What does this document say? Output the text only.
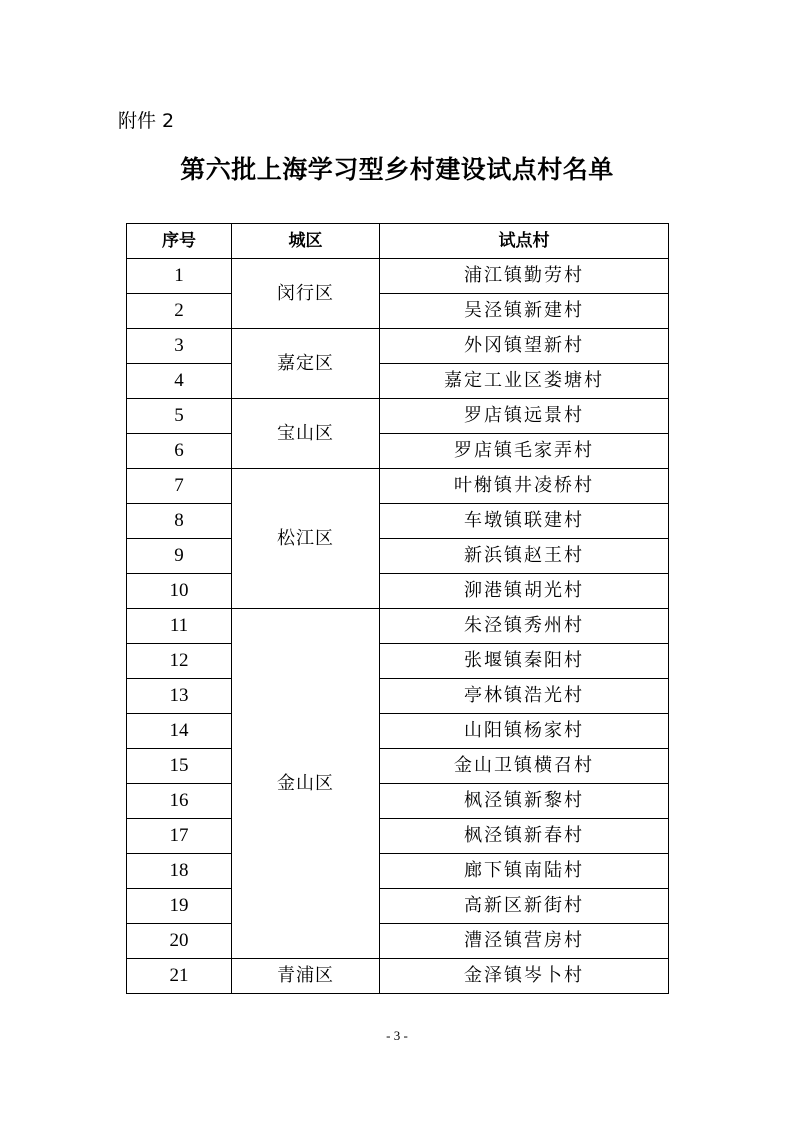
附件 2
第六批上海学习型乡村建设试点村名单
序号	城区	试点村
1	闵行区	浦江镇勤劳村
2		吴泾镇新建村
3	嘉定区	外冈镇望新村
4		嘉定工业区娄塘村
5	宝山区	罗店镇远景村
6		罗店镇毛家弄村
7	松江区	叶榭镇井凌桥村
8		车墩镇联建村
9		新浜镇赵王村
10		泖港镇胡光村
11	金山区	朱泾镇秀州村
12		张堰镇秦阳村
13		亭林镇浩光村
14		山阳镇杨家村
15		金山卫镇横召村
16		枫泾镇新黎村
17		枫泾镇新春村
18		廊下镇南陆村
19		高新区新街村
20		漕泾镇营房村
21	青浦区	金泽镇岑卜村
- 3 -
